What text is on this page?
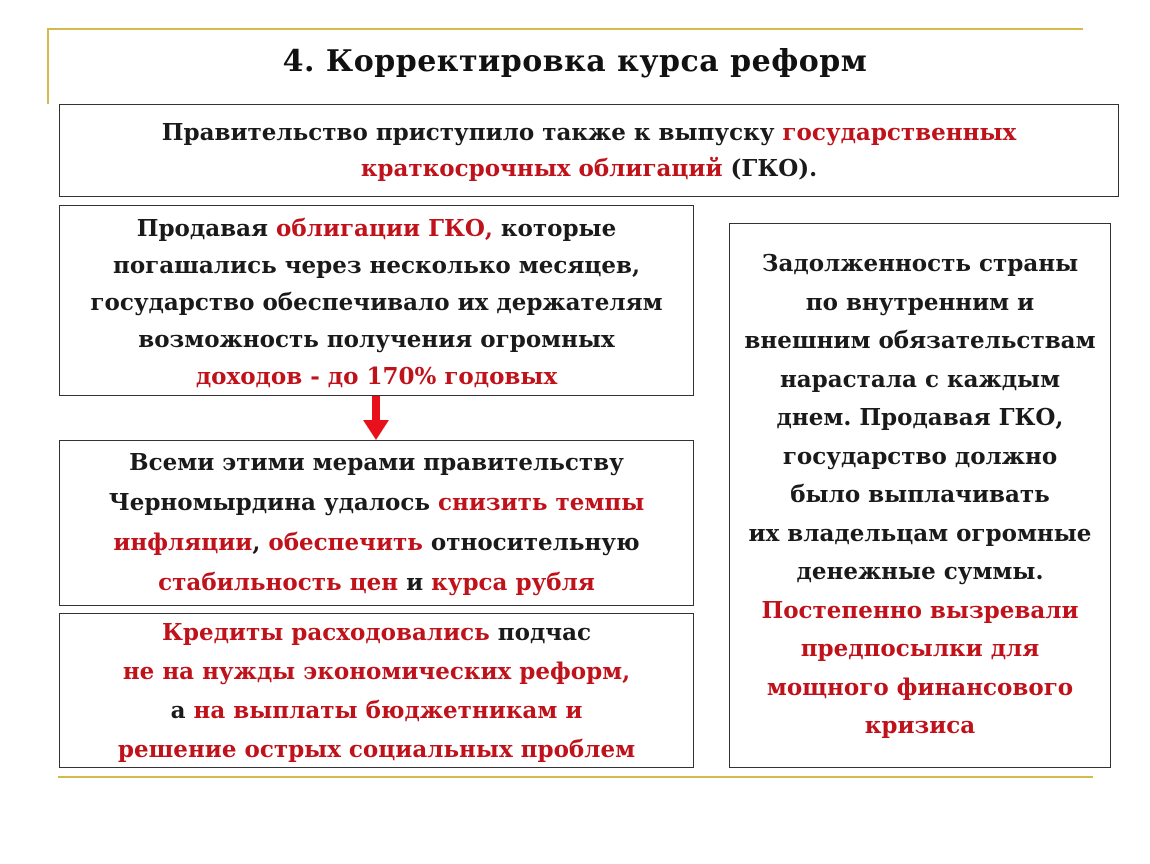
4. Корректировка курса реформ
Правительство приступило также к выпуску государственных
краткосрочных облигаций (ГКО).
Продавая облигации ГКО, которые
погашались через несколько месяцев,
государство обеспечивало их держателям
возможность получения огромных
доходов - до 170% годовых
Всеми этими мерами правительству
Черномырдина удалось снизить темпы
инфляции, обеспечить относительную
стабильность цен и курса рубля
Кредиты расходовались подчас
не на нужды экономических реформ,
а на выплаты бюджетникам и
решение острых социальных проблем
Задолженность страны
по внутренним и
внешним обязательствам
нарастала с каждым
днем. Продавая ГКО,
государство должно
было выплачивать
их владельцам огромные
денежные суммы.
Постепенно вызревали
предпосылки для
мощного финансового
кризиса
